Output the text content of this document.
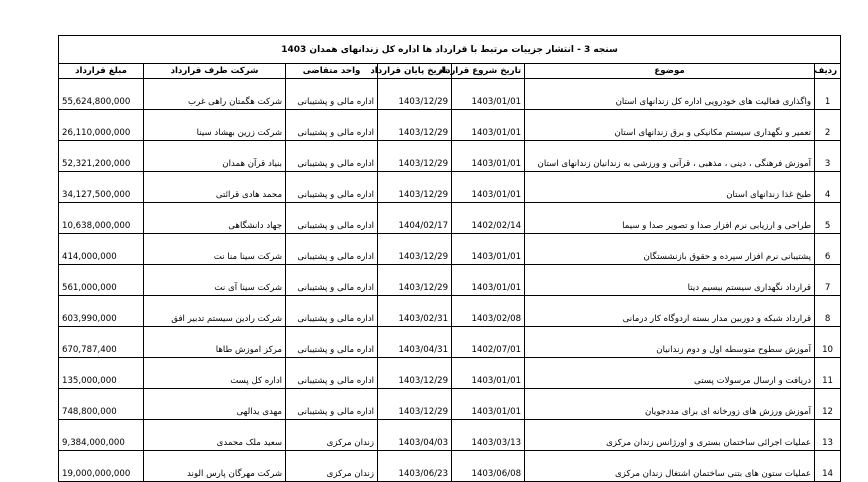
سنجه 3 - انتشار جزییات مرتبط با قرارداد ها اداره کل زندانهای همدان 1403						
ردیف	موضوع	تاریخ شروع قرارداد	تاریخ پایان قرارداد	واحد متقاضی	شرکت طرف قرارداد	مبلغ قرارداد
1	واگذاری فعالیت های خودرویی اداره کل زندانهای استان	1403/01/01	1403/12/29	اداره مالی و پشتیبانی	شرکت هگمتان راهی غرب	55,624,800,000
2	تعمیر و نگهداری سیستم مکانیکی و برق زندانهای استان	1403/01/01	1403/12/29	اداره مالی و پشتیبانی	شرکت زرین بهشاد سینا	26,110,000,000
3	آموزش فرهنگی ، دینی ، مذهبی ، قرآنی و ورزشی به زندانیان زندانهای استان	1403/01/01	1403/12/29	اداره مالی و پشتیبانی	بنیاد قرآن همدان	52,321,200,000
4	طبخ غذا زندانهای استان	1403/01/01	1403/12/29	اداره مالی و پشتیبانی	محمد هادی قرائتی	34,127,500,000
5	طراحی و ارزیابی نرم افزار صدا و تصویر صدا و سیما	1402/02/14	1404/02/17	اداره مالی و پشتیبانی	جهاد دانشگاهی	10,638,000,000
6	پشتیبانی نرم افزار سپرده و حقوق بازنشستگان	1403/01/01	1403/12/29	اداره مالی و پشتیبانی	شرکت سینا منا نت	414,000,000
7	قرارداد نگهداری سیستم بیسیم دیتا	1403/01/01	1403/12/29	اداره مالی و پشتیبانی	شرکت سینا آی نت	561,000,000
8	قرارداد شبکه و دوربین مدار بسته اردوگاه کار درمانی	1403/02/08	1403/02/31	اداره مالی و پشتیبانی	شرکت رادین سیستم تدبیر افق	603,990,000
10	آموزش سطوح متوسطه اول و دوم زندانیان	1402/07/01	1403/04/31	اداره مالی و پشتیبانی	مرکز اموزش طاها	670,787,400
11	دریافت و ارسال مرسولات پستی	1403/01/01	1403/12/29	اداره مالی و پشتیبانی	اداره کل پست	135,000,000
12	آموزش ورزش های زورخانه ای برای مددجویان	1403/01/01	1403/12/29	اداره مالی و پشتیبانی	مهدی یدالهی	748,800,000
13	عملیات اجرائی ساختمان بستری و اورژانس زندان مرکزی	1403/03/13	1403/04/03	زندان مرکزی	سعید ملک محمدی	9,384,000,000
14	عملیات ستون های بتنی ساختمان اشتغال زندان مرکزی	1403/06/08	1403/06/23	زندان مرکزی	شرکت مهرگان پارس الوند	19,000,000,000
